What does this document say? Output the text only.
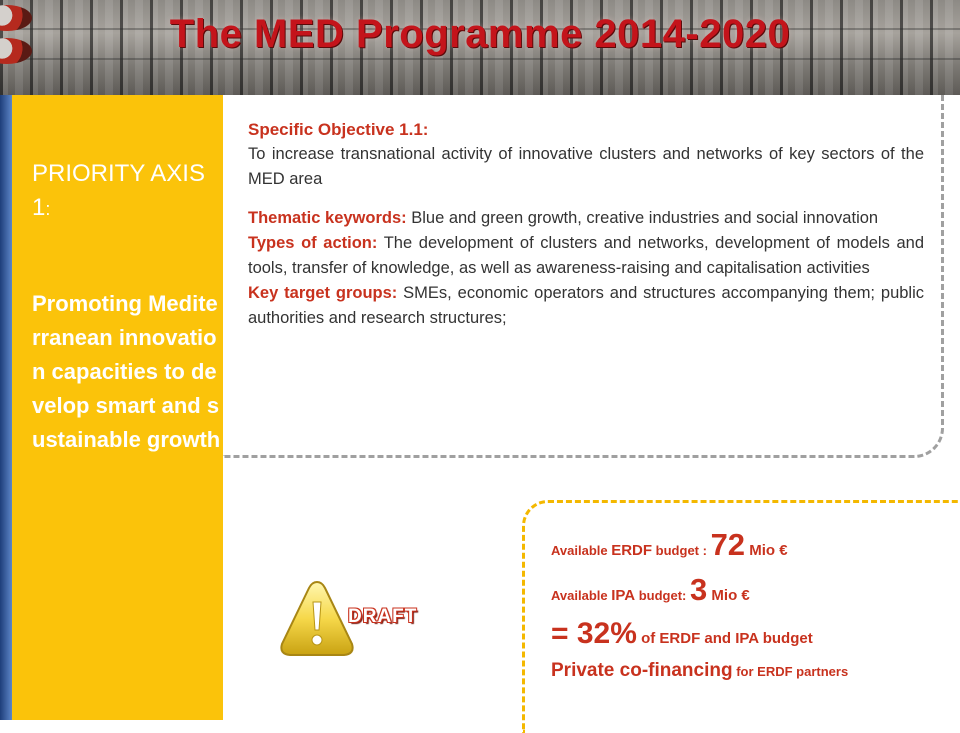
The MED Programme 2014-2020
PRIORITY AXIS 1:
Promoting Mediterranean innovation capacities to develop smart and sustainable growth
Specific Objective 1.1:

To increase transnational activity of innovative clusters and networks of key sectors of the MED area

Thematic keywords: Blue and green growth, creative industries and social innovation

Types of action: The development of clusters and networks, development of models and tools, transfer of knowledge, as well as awareness-raising and capitalisation activities

Key target groups: SMEs, economic operators and structures accompanying them; public authorities and research structures;

Available ERDF budget : 72 Mio €
Available IPA budget: 3 Mio €
= 32% of ERDF and IPA budget
Private co-financing for ERDF partners
DRAFT
